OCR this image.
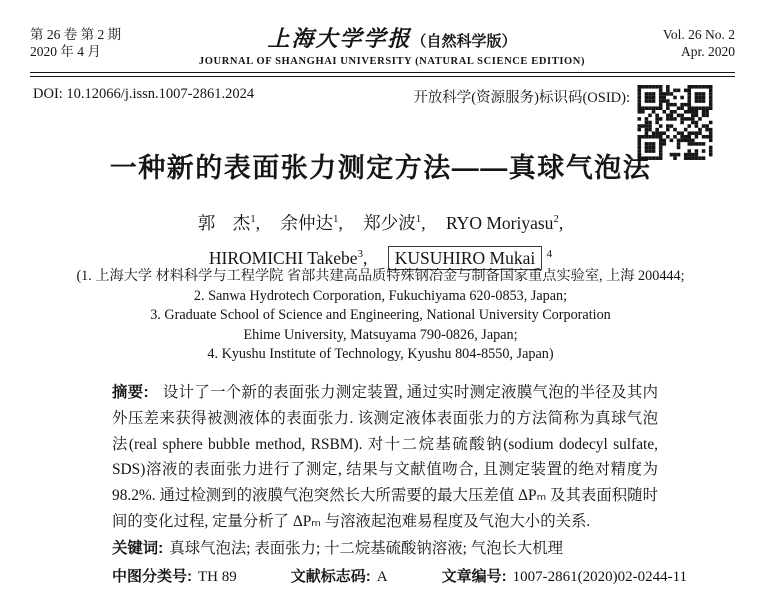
第 26 卷 第 2 期
2020 年 4 月
上海大学学报（自然科学版）
JOURNAL OF SHANGHAI UNIVERSITY (NATURAL SCIENCE EDITION)
Vol. 26 No. 2
Apr. 2020
DOI: 10.12066/j.issn.1007-2861.2024	开放科学(资源服务)标识码(OSID):
一种新的表面张力测定方法——真球气泡法
郭　杰$^1$, 余仲达$^1$, 郑少波$^1$, RYO Moriyasu$^2$,
HIROMICHI Takebe$^3$, KUSUHIRO Mukai $^4$
(1. 上海大学 材料科学与工程学院 省部共建高品质特殊钢冶金与制备国家重点实验室, 上海 200444;
2. Sanwa Hydrotech Corporation, Fukuchiyama 620-0853, Japan;
3. Graduate School of Science and Engineering, National University Corporation
Ehime University, Matsuyama 790-0826, Japan;
4. Kyushu Institute of Technology, Kyushu 804-8550, Japan)

摘要: 设计了一个新的表面张力测定装置, 通过实时测定液膜气泡的半径及其内外压差来获得被测液体的表面张力. 该测定液体表面张力的方法简称为真球气泡法(real sphere bubble method, RSBM). 对十二烷基硫酸钠(sodium dodecyl sulfate, SDS)溶液的表面张力进行了测定, 结果与文献值吻合, 且测定装置的绝对精度为98.2%. 通过检测到的液膜气泡突然长大所需要的最大压差值 ΔPₘ 及其表面积随时间的变化过程, 定量分析了 ΔPₘ 与溶液起泡难易程度及气泡大小的关系.

关键词: 真球气泡法; 表面张力; 十二烷基硫酸钠溶液; 气泡长大机理
中图分类号: TH 89	文献标志码: A	文章编号: 1007-2861(2020)02-0244-11
